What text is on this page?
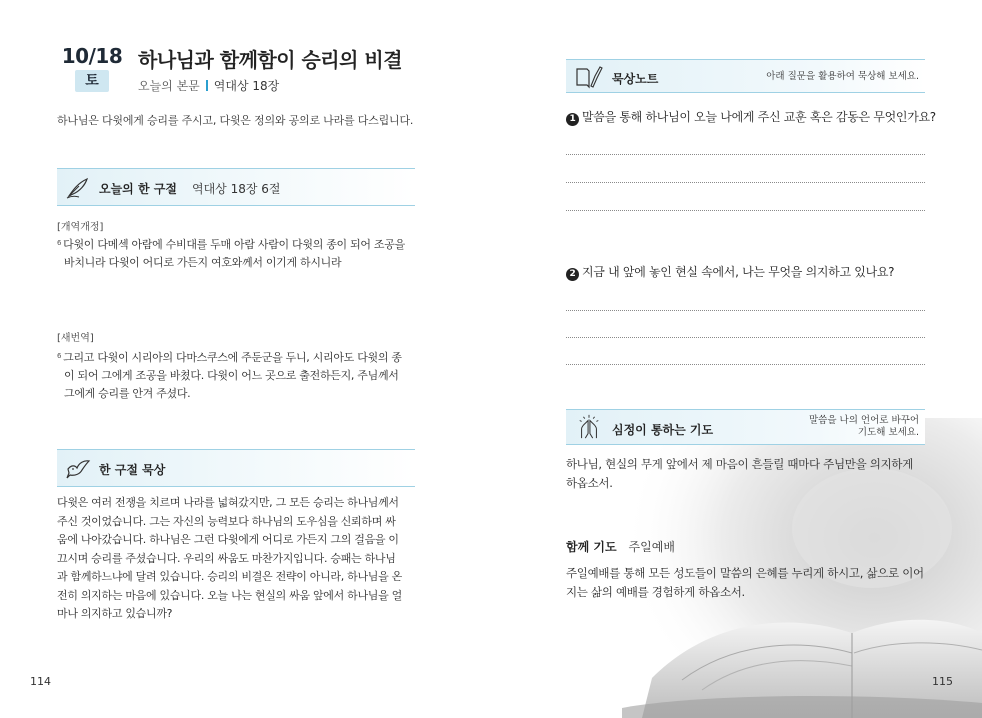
10/18
토
하나님과 함께함이 승리의 비결
오늘의 본문 역대상 18장
하나님은 다윗에게 승리를 주시고, 다윗은 정의와 공의로 나라를 다스립니다.
오늘의 한 구절 역대상 18장 6절
[개역개정]
$^6$ 다윗이 다메섹 아람에 수비대를 두매 아람 사람이 다윗의 종이 되어 조공을
바치니라 다윗이 어디로 가든지 여호와께서 이기게 하시니라
[새번역]
$^6$ 그리고 다윗이 시리아의 다마스쿠스에 주둔군을 두니, 시리아도 다윗의 종
이 되어 그에게 조공을 바쳤다. 다윗이 어느 곳으로 출전하든지, 주님께서
그에게 승리를 안겨 주셨다.
한 구절 묵상
다윗은 여러 전쟁을 치르며 나라를 넓혀갔지만, 그 모든 승리는 하나님께서
주신 것이었습니다. 그는 자신의 능력보다 하나님의 도우심을 신뢰하며 싸
움에 나아갔습니다. 하나님은 그런 다윗에게 어디로 가든지 그의 걸음을 이
끄시며 승리를 주셨습니다. 우리의 싸움도 마찬가지입니다. 승패는 하나님
과 함께하느냐에 달려 있습니다. 승리의 비결은 전략이 아니라, 하나님을 온
전히 의지하는 마음에 있습니다. 오늘 나는 현실의 싸움 앞에서 하나님을 얼
마나 의지하고 있습니까?
114
묵상노트	아래 질문을 활용하여 묵상해 보세요.
1 말씀을 통해 하나님이 오늘 나에게 주신 교훈 혹은 감동은 무엇인가요?
2 지금 내 앞에 놓인 현실 속에서, 나는 무엇을 의지하고 있나요?
심정이 통하는 기도
말씀을 나의 언어로 바꾸어
기도해 보세요.
하나님, 현실의 무게 앞에서 제 마음이 흔들릴 때마다 주님만을 의지하게
하옵소서.
함께 기도 주일예배
주일예배를 통해 모든 성도들이 말씀의 은혜를 누리게 하시고, 삶으로 이어
지는 삶의 예배를 경험하게 하옵소서.
115
